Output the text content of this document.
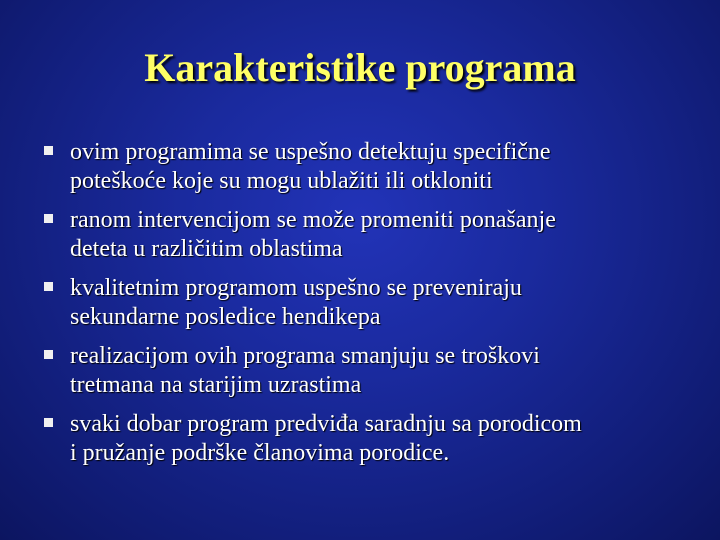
Karakteristike programa
ovim programima se uspešno detektuju specifične
poteškoće koje su mogu ublažiti ili otkloniti
ranom intervencijom se može promeniti ponašanje
deteta u različitim oblastima
kvalitetnim programom uspešno se preveniraju
sekundarne posledice hendikepa
realizacijom ovih programa smanjuju se troškovi
tretmana na starijim uzrastima
svaki dobar program predviđa saradnju sa porodicom
i pružanje podrške članovima porodice.
